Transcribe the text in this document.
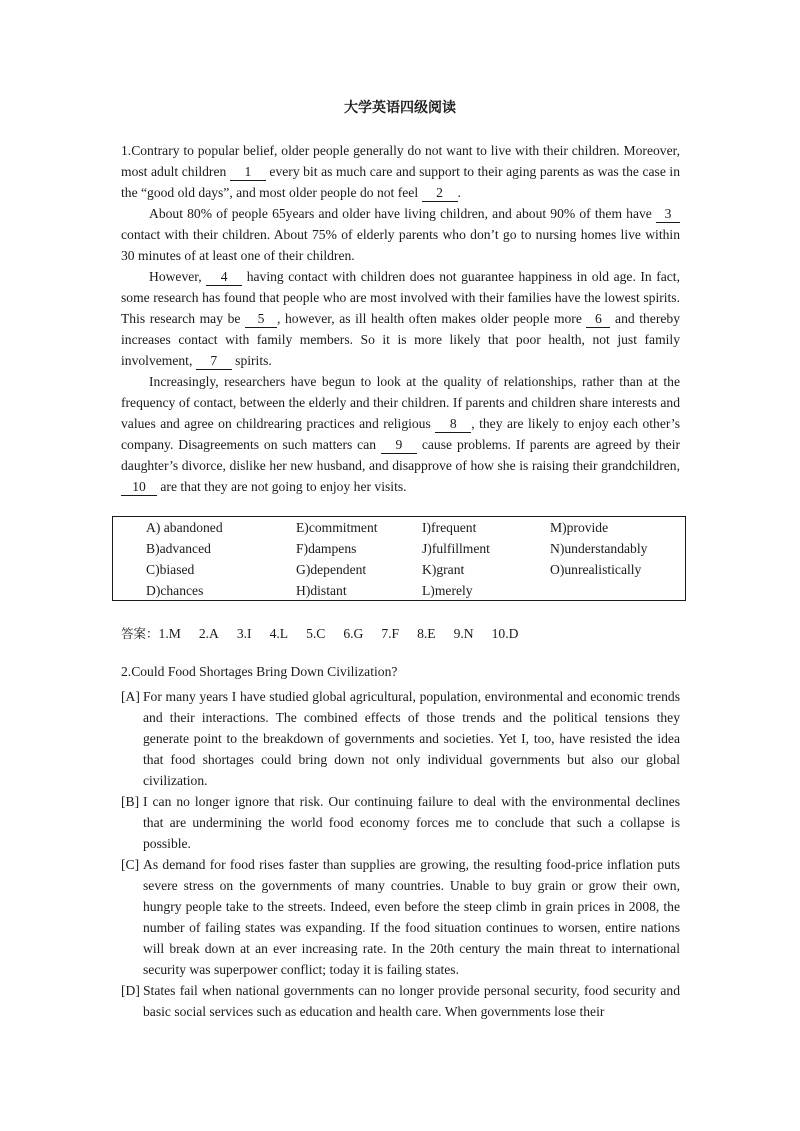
大学英语四级阅读

1.Contrary to popular belief, older people generally do not want to live with their children. Moreover, most adult children 1 every bit as much care and support to their aging parents as was the case in the “good old days”, and most older people do not feel 2 .

About 80% of people 65years and older have living children, and about 90% of them have 3 contact with their children. About 75% of elderly parents who don’t go to nursing homes live within 30 minutes of at least one of their children.

However, 4 having contact with children does not guarantee happiness in old age. In fact, some research has found that people who are most involved with their families have the lowest spirits. This research may be 5 , however, as ill health often makes older people more 6 and thereby increases contact with family members. So it is more likely that poor health, not just family involvement, 7 spirits.

Increasingly, researchers have begun to look at the quality of relationships, rather than at the frequency of contact, between the elderly and their children. If parents and children share interests and values and agree on childrearing practices and religious 8 , they are likely to enjoy each other’s company. Disagreements on such matters can 9 cause problems. If parents are agreed by their daughter’s divorce, dislike her new husband, and disapprove of how she is raising their grandchildren, 10 are that they are not going to enjoy her visits.

A) abandoned	E)commitment	I)frequent	M)provide
B)advanced	F)dampens	J)fulfillment	N)understandably
C)biased	G)dependent	K)grant	O)unrealistically
D)chances	H)distant	L)merely
答案：1.M 2.A 3.I 4.L 5.C 6.G 7.F 8.E 9.N 10.D
2.Could Food Shortages Bring Down Civilization?
[A] For many years I have studied global agricultural, population, environmental and economic trends and their interactions. The combined effects of those trends and the political tensions they generate point to the breakdown of governments and societies. Yet I, too, have resisted the idea that food shortages could bring down not only individual governments but also our global civilization.
[B] I can no longer ignore that risk. Our continuing failure to deal with the environmental declines that are undermining the world food economy forces me to conclude that such a collapse is possible.
[C] As demand for food rises faster than supplies are growing, the resulting food-price inflation puts severe stress on the governments of many countries. Unable to buy grain or grow their own, hungry people take to the streets. Indeed, even before the steep climb in grain prices in 2008, the number of failing states was expanding. If the food situation continues to worsen, entire nations will break down at an ever increasing rate. In the 20th century the main threat to international security was superpower conflict; today it is failing states.
[D] States fail when national governments can no longer provide personal security, food security and basic social services such as education and health care. When governments lose their
